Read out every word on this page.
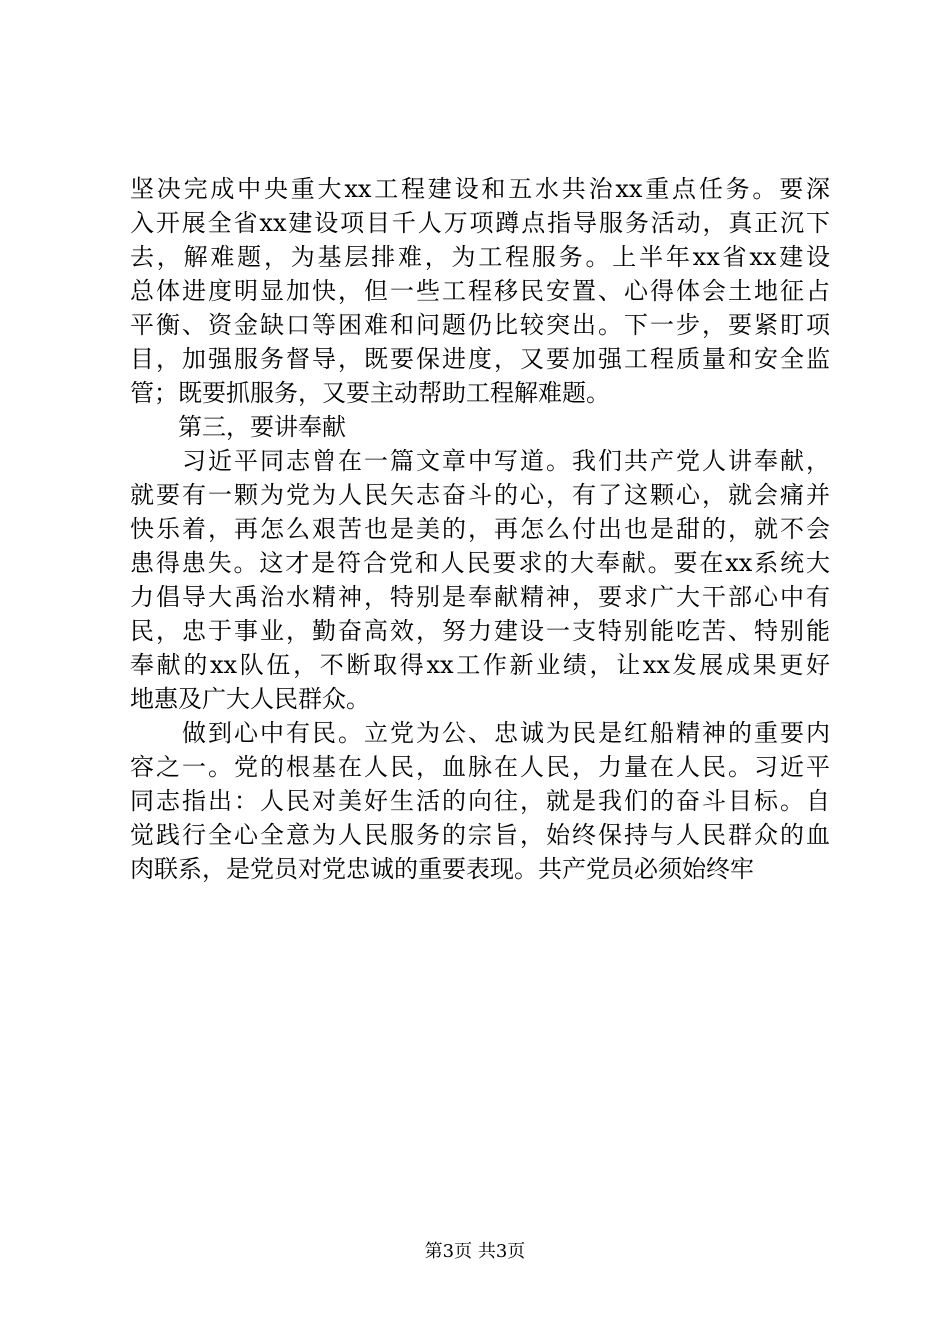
坚决完成中央重大xx工程建设和五水共治xx重点任务。要深
入开展全省xx建设项目千人万项蹲点指导服务活动，真正沉下
去，解难题，为基层排难，为工程服务。上半年xx省xx建设
总体进度明显加快，但一些工程移民安置、心得体会土地征占
平衡、资金缺口等困难和问题仍比较突出。下一步，要紧盯项
目，加强服务督导，既要保进度，又要加强工程质量和安全监
管；既要抓服务，又要主动帮助工程解难题。
　　第三，要讲奉献
　　习近平同志曾在一篇文章中写道。我们共产党人讲奉献，
就要有一颗为党为人民矢志奋斗的心，有了这颗心，就会痛并
快乐着，再怎么艰苦也是美的，再怎么付出也是甜的，就不会
患得患失。这才是符合党和人民要求的大奉献。要在xx系统大
力倡导大禹治水精神，特别是奉献精神，要求广大干部心中有
民，忠于事业，勤奋高效，努力建设一支特别能吃苦、特别能
奉献的xx队伍，不断取得xx工作新业绩，让xx发展成果更好
地惠及广大人民群众。
　　做到心中有民。立党为公、忠诚为民是红船精神的重要内
容之一。党的根基在人民，血脉在人民，力量在人民。习近平
同志指出：人民对美好生活的向往，就是我们的奋斗目标。自
觉践行全心全意为人民服务的宗旨，始终保持与人民群众的血
肉联系，是党员对党忠诚的重要表现。共产党员必须始终牢
第3页 共3页
